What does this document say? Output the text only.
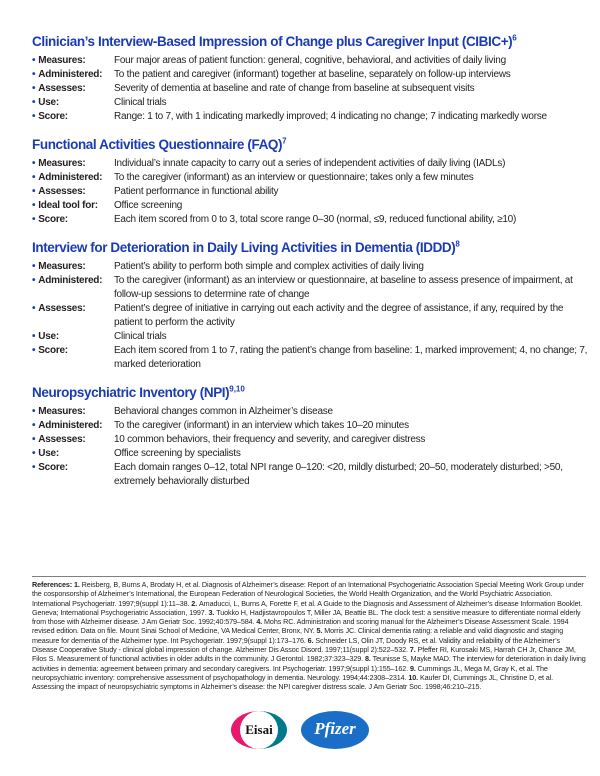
Clinician’s Interview-Based Impression of Change plus Caregiver Input (CIBIC+)$^6$
• Measures:	Four major areas of patient function: general, cognitive, behavioral, and activities of daily living
• Administered:	To the patient and caregiver (informant) together at baseline, separately on follow-up interviews
• Assesses:	Severity of dementia at baseline and rate of change from baseline at subsequent visits
• Use:	Clinical trials
• Score:	Range: 1 to 7, with 1 indicating markedly improved; 4 indicating no change; 7 indicating markedly worse
Functional Activities Questionnaire (FAQ)$^7$
• Measures:	Individual’s innate capacity to carry out a series of independent activities of daily living (IADLs)
• Administered:	To the caregiver (informant) as an interview or questionnaire; takes only a few minutes
• Assesses:	Patient performance in functional ability
• Ideal tool for:	Office screening
• Score:	Each item scored from 0 to 3, total score range 0–30 (normal, ≤9, reduced functional ability, ≥10)
Interview for Deterioration in Daily Living Activities in Dementia (IDDD)$^8$
• Measures:	Patient’s ability to perform both simple and complex activities of daily living
• Administered:	To the caregiver (informant) as an interview or questionnaire, at baseline to assess presence of impairment, at follow-up sessions to determine rate of change
• Assesses:	Patient’s degree of initiative in carrying out each activity and the degree of assistance, if any, required by the patient to perform the activity
• Use:	Clinical trials
• Score:	Each item scored from 1 to 7, rating the patient’s change from baseline: 1, marked improvement; 4, no change; 7, marked deterioration
Neuropsychiatric Inventory (NPI)$^{9,10}$
• Measures:	Behavioral changes common in Alzheimer’s disease
• Administered:	To the caregiver (informant) in an interview which takes 10–20 minutes
• Assesses:	10 common behaviors, their frequency and severity, and caregiver distress
• Use:	Office screening by specialists
• Score:	Each domain ranges 0–12, total NPI range 0–120: <20, mildly disturbed; 20–50, moderately disturbed; >50, extremely behaviorally disturbed

References: 1. Reisberg, B, Burns A, Brodaty H, et al. Diagnosis of Alzheimer’s disease: Report of an International Psychogeriatric Association Special Meeting Work Group under the cosponsorship of Alzheimer’s International, the European Federation of Neurological Societies, the World Health Organization, and the World Psychiatric Association. International Psychogeriatr. 1997;9(suppl 1):11–38. 2. Amaducci, L, Burns A, Forette F, et al. A Guide to the Diagnosis and Assessment of Alzheimer’s disease Information Booklet. Geneva; International Psychogeriatric Association, 1997. 3. Tuokko H, Hadjistavropoulos T, Miller JA, Beattie BL. The clock test: a sensitive measure to differentiate normal elderly from those with Alzheimer disease. J Am Geriatr Soc. 1992;40:579–584. 4. Mohs RC. Administration and scoring manual for the Alzheimer’s Disease Assessment Scale. 1994 revised edition. Data on file. Mount Sinai School of Medicine, VA Medical Center, Bronx, NY. 5. Morris JC. Clinical dementia rating: a reliable and valid diagnostic and staging measure for dementia of the Alzheimer type. Int Psychogeriatr. 1997;9(suppl 1):173–176. 6. Schneider LS, Olin JT, Doody RS, et al. Validity and reliability of the Alzheimer’s Disease Cooperative Study - clinical global impression of change. Alzheimer Dis Assoc Disord. 1997;11(suppl 2):522–532. 7. Pfeffer RI, Kurosaki MS, Harrah CH Jr, Chance JM, Filos S. Measurement of functional activities in older adults in the community. J Gerontol. 1982;37:323–329. 8. Teunisse S, Mayke MAD. The interview for deterioration in daily living activities in dementia: agreement between primary and secondary caregivers. Int Psychogeriatr. 1997;9(suppl 1):155–162. 9. Cummings JL, Mega M, Gray K, et al. The neuropsychiatric inventory: comprehensive assessment of psychopathology in dementia. Neurology. 1994;44:2308–2314. 10. Kaufer DI, Cummings JL, Christine D, et al. Assessing the impact of neuropsychiatric symptoms in Alzheimer’s disease: the NPI caregiver distress scale. J Am Geriatr Soc. 1998;46:210–215.

Eisai Pfizer
